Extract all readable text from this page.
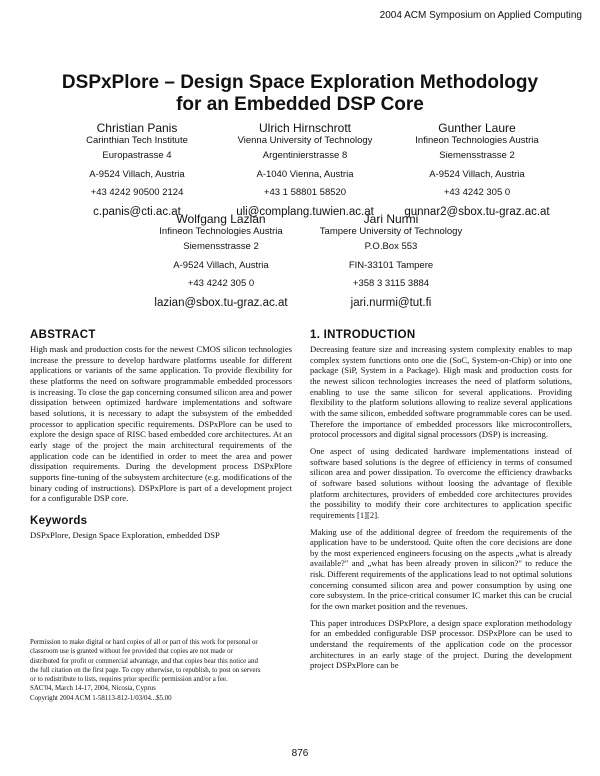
2004 ACM Symposium on Applied Computing
DSPxPlore – Design Space Exploration Methodology
for an Embedded DSP Core
Christian Panis
Carinthian Tech Institute
Europastrasse 4
A-9524 Villach, Austria
+43 4242 90500 2124
c.panis@cti.ac.at
Ulrich Hirnschrott
Vienna University of Technology
Argentinierstrasse 8
A-1040 Vienna, Austria
+43 1 58801 58520
uli@complang.tuwien.ac.at
Gunther Laure
Infineon Technologies Austria
Siemensstrasse 2
A-9524 Villach, Austria
+43 4242 305 0
gunnar2@sbox.tu-graz.ac.at
Wolfgang Lazian
Infineon Technologies Austria
Siemensstrasse 2
A-9524 Villach, Austria
+43 4242 305 0
lazian@sbox.tu-graz.ac.at
Jari Nurmi
Tampere University of Technology
P.O.Box 553
FIN-33101 Tampere
+358 3 3115 3884
jari.nurmi@tut.fi
ABSTRACT

High mask and production costs for the newest CMOS silicon technologies increase the pressure to develop hardware platforms useable for different applications or variants of the same application. To provide flexibility for these platforms the need on software programmable embedded processors is increasing. To close the gap concerning consumed silicon area and power dissipation between optimized hardware implementations and software based solutions, it is necessary to adapt the subsystem of the embedded processor to application specific requirements. DSPxPlore can be used to explore the design space of RISC based embedded core architectures. At an early stage of the project the main architectural requirements of the application code can be identified in order to meet the area and power dissipation requirements. During the development process DSPxPlore supports fine-tuning of the subsystem architecture (e.g. modifications of the binary coding of instructions). DSPxPlore is part of a development project for a configurable DSP core.

Keywords

DSPxPlore, Design Space Exploration, embedded DSP

Permission to make digital or hard copies of all or part of this work for personal or classroom use is granted without fee provided that copies are not made or distributed for profit or commercial advantage, and that copies bear this notice and the full citation on the first page. To copy otherwise, to republish, to post on servers or to redistribute to lists, requires prior specific permission and/or a fee.
SAC'04, March 14-17, 2004, Nicosia, Cyprus
Copyright 2004 ACM 1-58113-812-1/03/04...$5.00
1. INTRODUCTION

Decreasing feature size and increasing system complexity enables to map complex system functions onto one die (SoC, System-on-Chip) or into one package (SiP, System in a Package). High mask and production costs for the newest silicon technologies increases the need of platform solutions, enabling to use the same silicon for several applications. Providing flexibility to the platform solutions allowing to realize several applications with the same silicon, embedded software programmable cores can be used. Therefore the importance of embedded processors like microcontrollers, protocol processors and digital signal processors (DSP) is increasing.

One aspect of using dedicated hardware implementations instead of software based solutions is the degree of efficiency in terms of consumed silicon area and power dissipation. To overcome the efficiency drawbacks of software based solutions without loosing the advantage of flexible platform architectures, providers of embedded core architectures provides the possibility to modify their core architectures to application specific requirements [1][2].

Making use of the additional degree of freedom the requirements of the application have to be understood. Quite often the core decisions are done by the most experienced engineers focusing on the aspects „what is already available?" and „what has been already proven in silicon?" to reduce the risk. Different requirements of the applications lead to not optimal solutions concerning consumed silicon area and power consumption by using one core subsystem. In the price-critical consumer IC market this can be crucial for the own market position and the revenues.

This paper introduces DSPxPlore, a design space exploration methodology for an embedded configurable DSP processor. DSPxPlore can be used to understand the requirements of the application code on the processor architectures in an early stage of the project. During the development project DSPxPlore can be

876
